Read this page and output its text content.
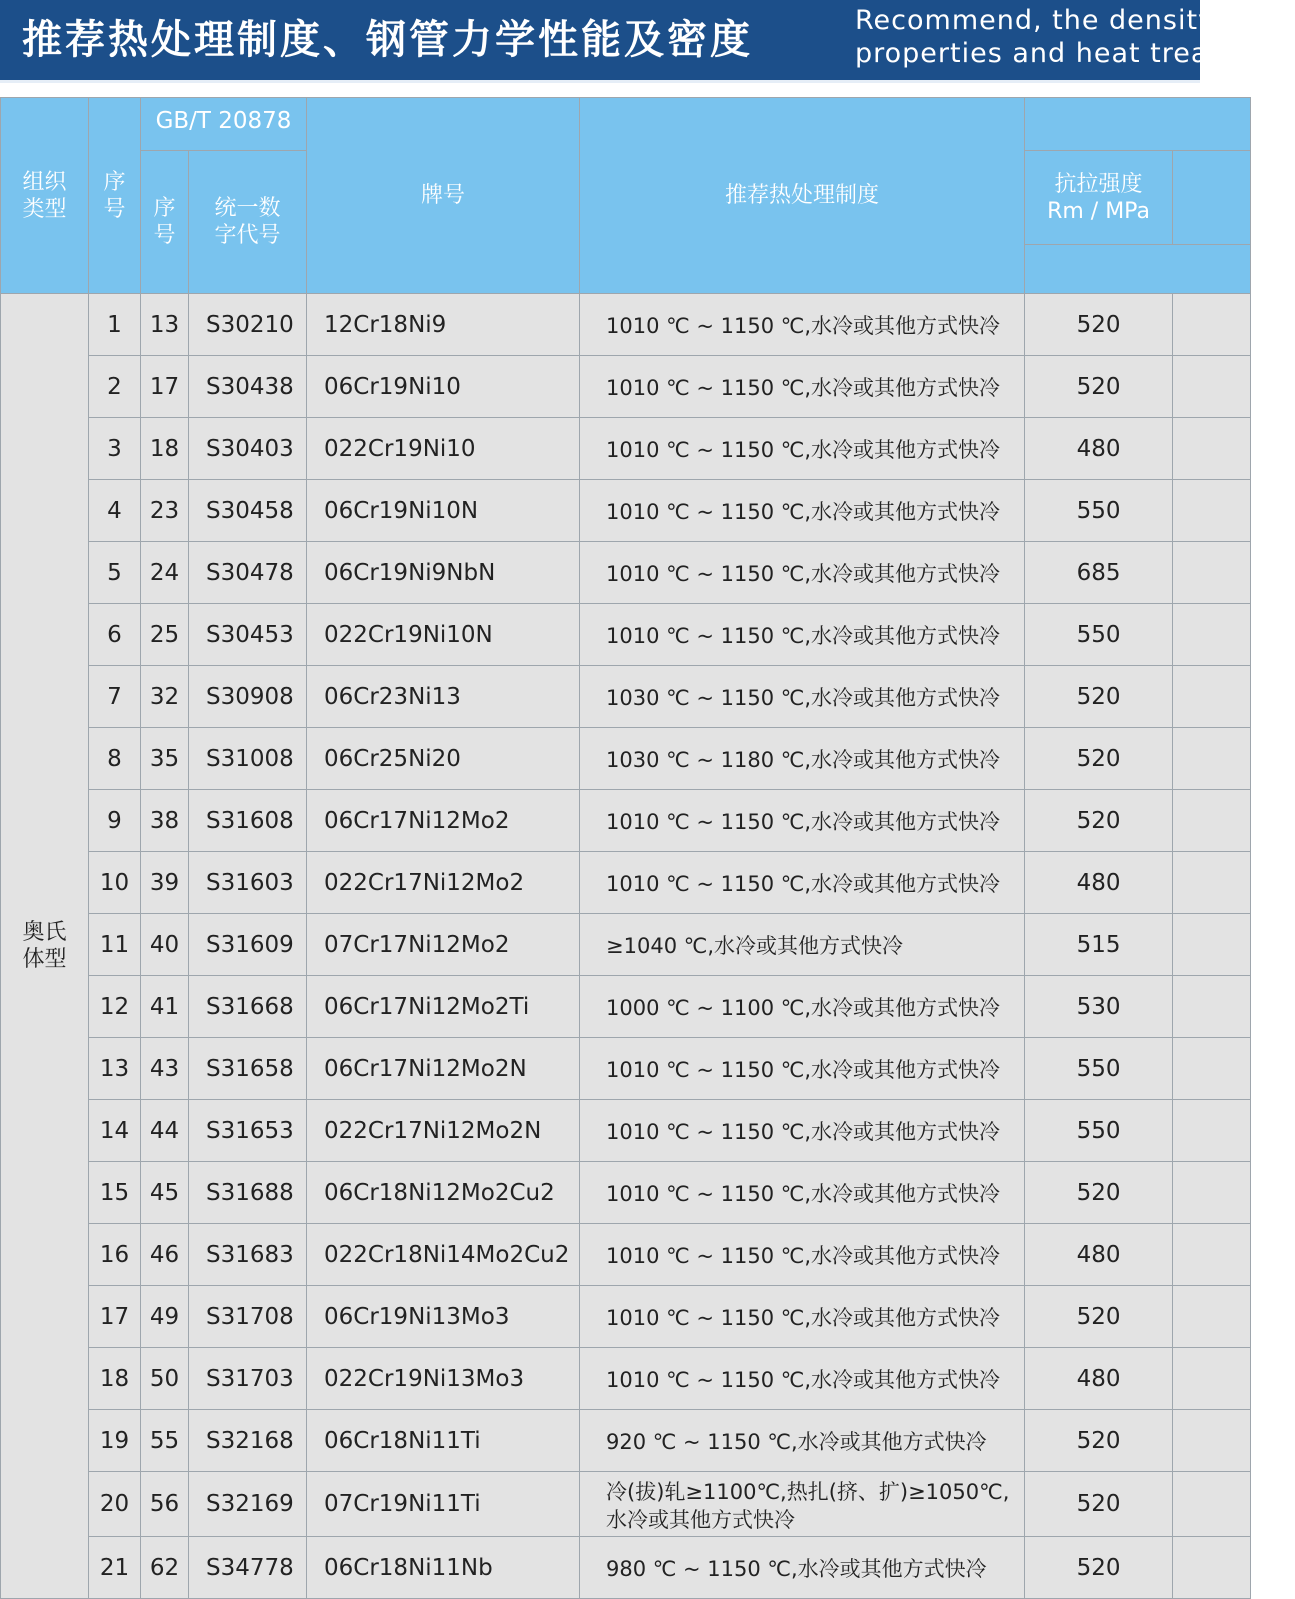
推荐热处理制度、钢管力学性能及密度	Recommend, the density
properties and heat treatment
组织类型	序号	GB/T 20878		牌号	推荐热处理制度		
		序号	统一数字代号			抗拉强度 Rm / MPa	

奥氏体型	1	13	S30210	12Cr18Ni9	1010 ℃ ~ 1150 ℃,水冷或其他方式快冷	520	
	2	17	S30438	06Cr19Ni10	1010 ℃ ~ 1150 ℃,水冷或其他方式快冷	520	
	3	18	S30403	022Cr19Ni10	1010 ℃ ~ 1150 ℃,水冷或其他方式快冷	480	
	4	23	S30458	06Cr19Ni10N	1010 ℃ ~ 1150 ℃,水冷或其他方式快冷	550	
	5	24	S30478	06Cr19Ni9NbN	1010 ℃ ~ 1150 ℃,水冷或其他方式快冷	685	
	6	25	S30453	022Cr19Ni10N	1010 ℃ ~ 1150 ℃,水冷或其他方式快冷	550	
	7	32	S30908	06Cr23Ni13	1030 ℃ ~ 1150 ℃,水冷或其他方式快冷	520	
	8	35	S31008	06Cr25Ni20	1030 ℃ ~ 1180 ℃,水冷或其他方式快冷	520	
	9	38	S31608	06Cr17Ni12Mo2	1010 ℃ ~ 1150 ℃,水冷或其他方式快冷	520	
	10	39	S31603	022Cr17Ni12Mo2	1010 ℃ ~ 1150 ℃,水冷或其他方式快冷	480	
	11	40	S31609	07Cr17Ni12Mo2	≥1040 ℃,水冷或其他方式快冷	515	
	12	41	S31668	06Cr17Ni12Mo2Ti	1000 ℃ ~ 1100 ℃,水冷或其他方式快冷	530	
	13	43	S31658	06Cr17Ni12Mo2N	1010 ℃ ~ 1150 ℃,水冷或其他方式快冷	550	
	14	44	S31653	022Cr17Ni12Mo2N	1010 ℃ ~ 1150 ℃,水冷或其他方式快冷	550	
	15	45	S31688	06Cr18Ni12Mo2Cu2	1010 ℃ ~ 1150 ℃,水冷或其他方式快冷	520	
	16	46	S31683	022Cr18Ni14Mo2Cu2	1010 ℃ ~ 1150 ℃,水冷或其他方式快冷	480	
	17	49	S31708	06Cr19Ni13Mo3	1010 ℃ ~ 1150 ℃,水冷或其他方式快冷	520	
	18	50	S31703	022Cr19Ni13Mo3	1010 ℃ ~ 1150 ℃,水冷或其他方式快冷	480	
	19	55	S32168	06Cr18Ni11Ti	920 ℃ ~ 1150 ℃,水冷或其他方式快冷	520	
	20	56	S32169	07Cr19Ni11Ti	冷(拔)轧≥1100℃,热扎(挤、扩)≥1050℃,水冷或其他方式快冷	520	
	21	62	S34778	06Cr18Ni11Nb	980 ℃ ~ 1150 ℃,水冷或其他方式快冷	520	
